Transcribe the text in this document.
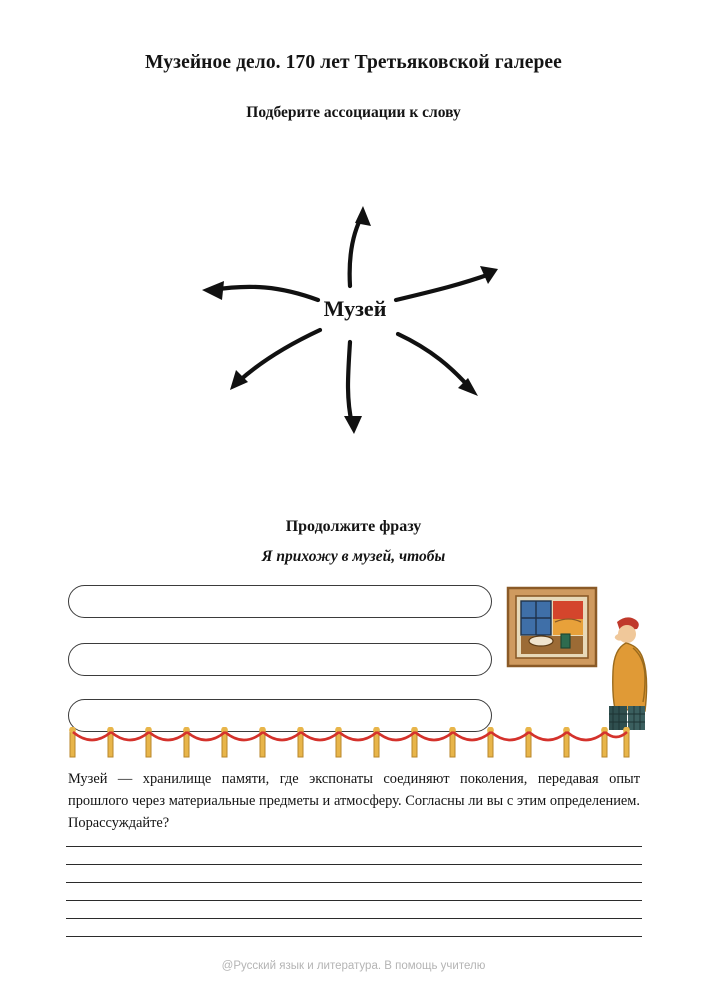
Музейное дело. 170 лет Третьяковской галерее
Подберите ассоциации к слову
Музей
Продолжите фразу
Я прихожу в музей, чтобы
Музей — хранилище памяти, где экспонаты соединяют поколения, передавая опыт прошлого через материальные предметы и атмосферу. Согласны ли вы с этим определением. Порассуждайте?
@Русский язык и литература. В помощь учителю
